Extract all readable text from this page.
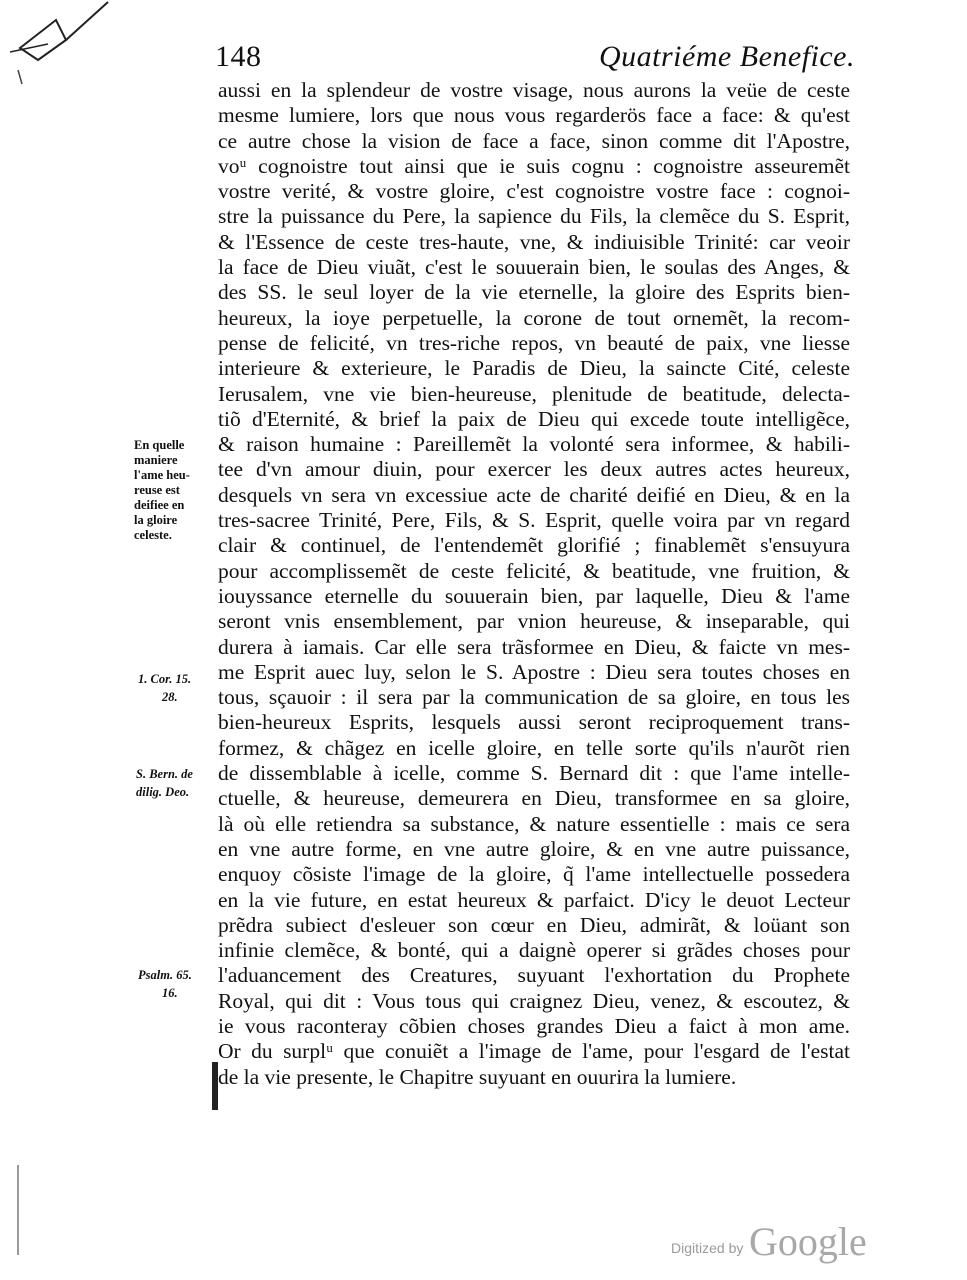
148	Quatriéme Benefice.
aussi en la splendeur de vostre visage, nous aurons la veüe de ceste
mesme lumiere, lors que nous vous regarderös face a face: & qu'est
ce autre chose la vision de face a face, sinon comme dit l'Apostre,
voᵘ cognoistre tout ainsi que ie suis cognu : cognoistre asseuremẽt
vostre verité, & vostre gloire, c'est cognoistre vostre face : cognoi-
stre la puissance du Pere, la sapience du Fils, la clemẽce du S. Esprit,
& l'Essence de ceste tres-haute, vne, & indiuisible Trinité: car veoir
la face de Dieu viuãt, c'est le souuerain bien, le soulas des Anges, &
des SS. le seul loyer de la vie eternelle, la gloire des Esprits bien-
heureux, la ioye perpetuelle, la corone de tout ornemẽt, la recom-
pense de felicité, vn tres-riche repos, vn beauté de paix, vne liesse
interieure & exterieure, le Paradis de Dieu, la saincte Cité, celeste
Ierusalem, vne vie bien-heureuse, plenitude de beatitude, delecta-
tiõ d'Eternité, & brief la paix de Dieu qui excede toute intelligẽce,
& raison humaine : Pareillemẽt la volonté sera informee, & habili-
tee d'vn amour diuin, pour exercer les deux autres actes heureux,
desquels vn sera vn excessiue acte de charité deifié en Dieu, & en la
tres-sacree Trinité, Pere, Fils, & S. Esprit, quelle voira par vn regard
clair & continuel, de l'entendemẽt glorifié ; finablemẽt s'ensuyura
pour accomplissemẽt de ceste felicité, & beatitude, vne fruition, &
iouyssance eternelle du souuerain bien, par laquelle, Dieu & l'ame
seront vnis ensemblement, par vnion heureuse, & inseparable, qui
durera à iamais. Car elle sera trãsformee en Dieu, & faicte vn mes-
me Esprit auec luy, selon le S. Apostre : Dieu sera toutes choses en
tous, sçauoir : il sera par la communication de sa gloire, en tous les
bien-heureux Esprits, lesquels aussi seront reciproquement trans-
formez, & chãgez en icelle gloire, en telle sorte qu'ils n'aurõt rien
de dissemblable à icelle, comme S. Bernard dit : que l'ame intelle-
ctuelle, & heureuse, demeurera en Dieu, transformee en sa gloire,
là où elle retiendra sa substance, & nature essentielle : mais ce sera
en vne autre forme, en vne autre gloire, & en vne autre puissance,
enquoy cõsiste l'image de la gloire, q̃ l'ame intellectuelle possedera
en la vie future, en estat heureux & parfaict. D'icy le deuot Lecteur
prẽdra subiect d'esleuer son cœur en Dieu, admirãt, & loüant son
infinie clemẽce, & bonté, qui a daignè operer si grãdes choses pour
l'aduancement des Creatures, suyuant l'exhortation du Prophete
Royal, qui dit : Vous tous qui craignez Dieu, venez, & escoutez, &
ie vous raconteray cõbien choses grandes Dieu a faict à mon ame.
Or du surplᵘ que conuiẽt a l'image de l'ame, pour l'esgard de l'estat
de la vie presente, le Chapitre suyuant en ouurira la lumiere.
En quelle
maniere
l'ame heu-
reuse est
deifiee en
la gloire
celeste.
1. Cor. 15.
28.
S. Bern. de
dilig. Deo.
Psalm. 65.
16.
Digitized by Google
